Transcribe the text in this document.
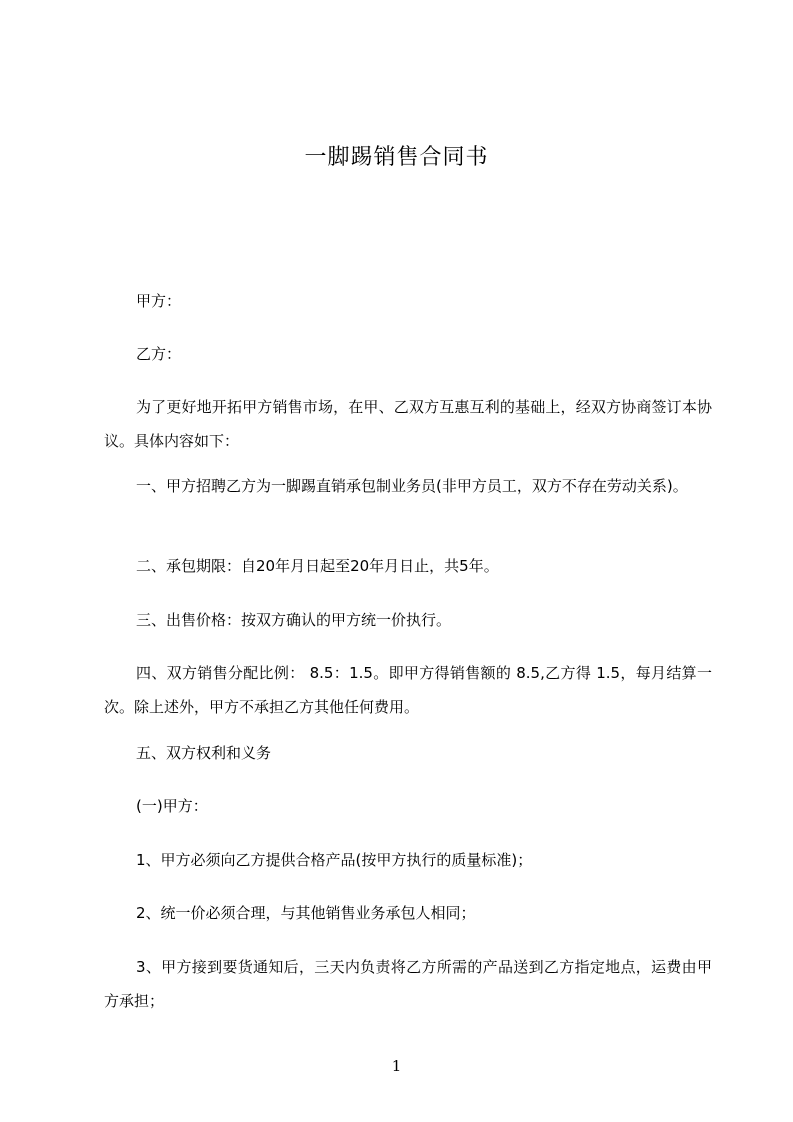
一脚踢销售合同书
甲方：
乙方：
为了更好地开拓甲方销售市场，在甲、乙双方互惠互利的基础上，经双方协商签订本协议。具体内容如下：
一、甲方招聘乙方为一脚踢直销承包制业务员(非甲方员工，双方不存在劳动关系)。
二、承包期限：自20年月日起至20年月日止，共5年。
三、出售价格：按双方确认的甲方统一价执行。
四、双方销售分配比例： 8.5：1.5。即甲方得销售额的 8.5,乙方得 1.5，每月结算一次。除上述外，甲方不承担乙方其他任何费用。
五、双方权利和义务
(一)甲方：
1、甲方必须向乙方提供合格产品(按甲方执行的质量标准)；
2、统一价必须合理，与其他销售业务承包人相同；
3、甲方接到要货通知后，三天内负责将乙方所需的产品送到乙方指定地点，运费由甲方承担；
1
